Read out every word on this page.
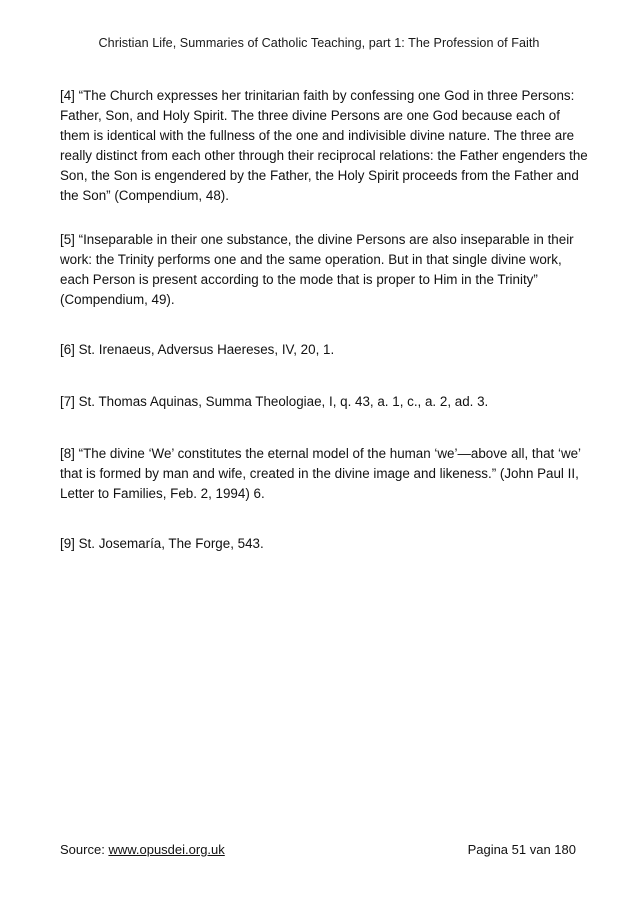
Christian Life, Summaries of Catholic Teaching, part 1: The Profession of Faith

[4] “The Church expresses her trinitarian faith by confessing one God in three Persons: Father, Son, and Holy Spirit. The three divine Persons are one God because each of them is identical with the fullness of the one and indivisible divine nature. The three are really distinct from each other through their reciprocal relations: the Father engenders the Son, the Son is engendered by the Father, the Holy Spirit proceeds from the Father and the Son” (Compendium, 48).

[5] “Inseparable in their one substance, the divine Persons are also inseparable in their work: the Trinity performs one and the same operation. But in that single divine work, each Person is present according to the mode that is proper to Him in the Trinity” (Compendium, 49).

[6] St. Irenaeus, Adversus Haereses, IV, 20, 1.

[7] St. Thomas Aquinas, Summa Theologiae, I, q. 43, a. 1, c., a. 2, ad. 3.

[8] “The divine ‘We’ constitutes the eternal model of the human ‘we’—above all, that ‘we’ that is formed by man and wife, created in the divine image and likeness.” (John Paul II, Letter to Families, Feb. 2, 1994) 6.

[9] St. Josemaría, The Forge, 543.

Source: www.opusdei.org.uk	Pagina 51 van 180
